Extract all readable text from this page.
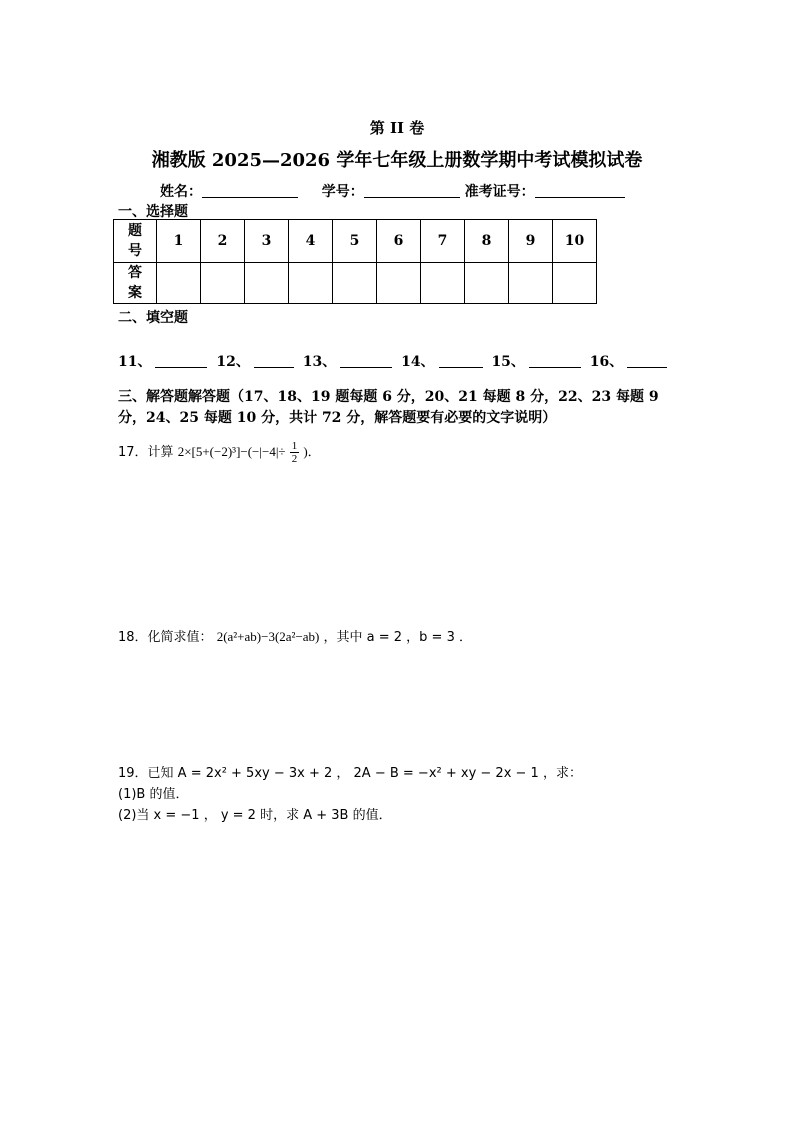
第 II 卷
湘教版 2025—2026 学年七年级上册数学期中考试模拟试卷
姓名：	学号：	准考证号：
一、选择题
题
号	1	2	3	4	5	6	7	8	9	10

答
案										

二、填空题
11、	12、	13、	14、	15、	16、
三、解答题解答题（17、18、19 题每题 6 分，20、21 每题 8 分，22、23 每题 9
分，24、25 每题 10 分，共计 72 分，解答题要有必要的文字说明）
17．计算 $2\times[5+(-2)^3]-(-|-4|\div \frac{1}{2}$ )．
18．化简求值： 2(a²+ab)−3(2a²−ab) ，其中 a = 2 ，b = 3 ．
19．已知 A = 2x² + 5xy − 3x + 2 ， 2A − B = −x² + xy − 2x − 1 ，求：
(1)B 的值．
(2)当 x = −1 ， y = 2 时，求 A + 3B 的值．
